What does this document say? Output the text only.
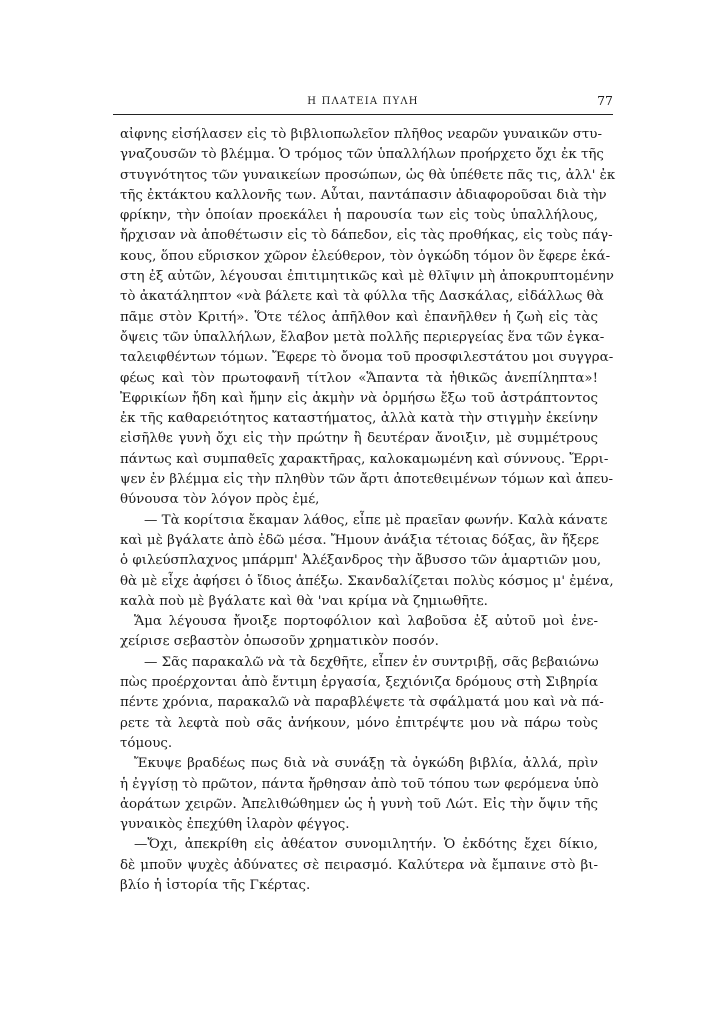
Η ΠΛΑΤΕΙΑ ΠΥΛΗ	77
αἰφνης εἰσήλασεν εἰς τὸ βιβλιοπωλεῖον πλῆθος νεαρῶν γυναικῶν στυ-
γναζουσῶν τὸ βλέμμα. Ὁ τρόμος τῶν ὑπαλλήλων προήρχετο ὄχι ἐκ τῆς
στυγνότητος τῶν γυναικείων προσώπων, ὡς θὰ ὑπέθετε πᾶς τις, ἀλλ' ἐκ
τῆς ἐκτάκτου καλλονῆς των. Αὗται, παντάπασιν ἀδιαφοροῦσαι διὰ τὴν
φρίκην, τὴν ὁποίαν προεκάλει ἡ παρουσία των εἰς τοὺς ὑπαλλήλους,
ἤρχισαν νὰ ἀποθέτωσιν εἰς τὸ δάπεδον, εἰς τὰς προθήκας, εἰς τοὺς πάγ-
κους, ὅπου εὕρισκον χῶρον ἐλεύθερον, τὸν ὀγκώδη τόμον ὃν ἔφερε ἑκά-
στη ἐξ αὐτῶν, λέγουσαι ἐπιτιμητικῶς καὶ μὲ θλῖψιν μὴ ἀποκρυπτομένην
τὸ ἀκατάληπτον «νὰ βάλετε καὶ τὰ φύλλα τῆς Δασκάλας, εἰδάλλως θὰ
πᾶμε στὸν Κριτή». Ὅτε τέλος ἀπῆλθον καὶ ἐπανῆλθεν ἡ ζωὴ εἰς τὰς
ὄψεις τῶν ὑπαλλήλων, ἔλαβον μετὰ πολλῆς περιεργείας ἕνα τῶν ἐγκα-
ταλειφθέντων τόμων. Ἔφερε τὸ ὄνομα τοῦ προσφιλεστάτου μοι συγγρα-
φέως καὶ τὸν πρωτοφανῆ τίτλον «Ἅπαντα τὰ ἠθικῶς ἀνεπίληπτα»!
Ἐφρικίων ἤδη καὶ ἤμην εἰς ἀκμὴν νὰ ὁρμήσω ἔξω τοῦ ἀστράπτοντος
ἐκ τῆς καθαρειότητος καταστήματος, ἀλλὰ κατὰ τὴν στιγμὴν ἐκείνην
εἰσῆλθε γυνὴ ὄχι εἰς τὴν πρώτην ἢ δευτέραν ἄνοιξιν, μὲ συμμέτρους
πάντως καὶ συμπαθεῖς χαρακτῆρας, καλοκαμωμένη καὶ σύννους. Ἔρρι-
ψεν ἐν βλέμμα εἰς τὴν πληθὺν τῶν ἄρτι ἀποτεθειμένων τόμων καὶ ἀπευ-
θύνουσα τὸν λόγον πρὸς ἐμέ,
— Τὰ κορίτσια ἔκαμαν λάθος, εἶπε μὲ πραεῖαν φωνήν. Καλὰ κάνατε
καὶ μὲ βγάλατε ἀπὸ ἐδῶ μέσα. Ἤμουν ἀνάξια τέτοιας δόξας, ἂν ἤξερε
ὁ φιλεύσπλαχνος μπάρμπ' Ἀλέξανδρος τὴν ἄβυσσο τῶν ἁμαρτιῶν μου,
θὰ μὲ εἶχε ἀφήσει ὁ ἴδιος ἀπέξω. Σκανδαλίζεται πολὺς κόσμος μ' ἐμένα,
καλὰ ποὺ μὲ βγάλατε καὶ θὰ 'ναι κρίμα νὰ ζημιωθῆτε.
Ἅμα λέγουσα ἤνοιξε πορτοφόλιον καὶ λαβοῦσα ἐξ αὐτοῦ μοὶ ἐνε-
χείρισε σεβαστὸν ὁπωσοῦν χρηματικὸν ποσόν.
— Σᾶς παρακαλῶ νὰ τὰ δεχθῆτε, εἶπεν ἐν συντριβῇ, σᾶς βεβαιώνω
πὼς προέρχονται ἀπὸ ἔντιμη ἐργασία, ξεχιόνιζα δρόμους στὴ Σιβηρία
πέντε χρόνια, παρακαλῶ νὰ παραβλέψετε τὰ σφάλματά μου καὶ νὰ πά-
ρετε τὰ λεφτὰ ποὺ σᾶς ἀνήκουν, μόνο ἐπιτρέψτε μου νὰ πάρω τοὺς
τόμους.
Ἔκυψε βραδέως πως διὰ νὰ συνάξῃ τὰ ὀγκώδη βιβλία, ἀλλά, πρὶν
ἡ ἐγγίσῃ τὸ πρῶτον, πάντα ἤρθησαν ἀπὸ τοῦ τόπου των φερόμενα ὑπὸ
ἀοράτων χειρῶν. Ἀπελιθώθημεν ὡς ἡ γυνὴ τοῦ Λώτ. Εἰς τὴν ὄψιν τῆς
γυναικὸς ἐπεχύθη ἱλαρὸν φέγγος.
—Ὄχι, ἀπεκρίθη εἰς ἀθέατον συνομιλητήν. Ὁ ἐκδότης ἔχει δίκιο,
δὲ μποῦν ψυχὲς ἀδύνατες σὲ πειρασμό. Καλύτερα νὰ ἔμπαινε στὸ βι-
βλίο ἡ ἱστορία τῆς Γκέρτας.
